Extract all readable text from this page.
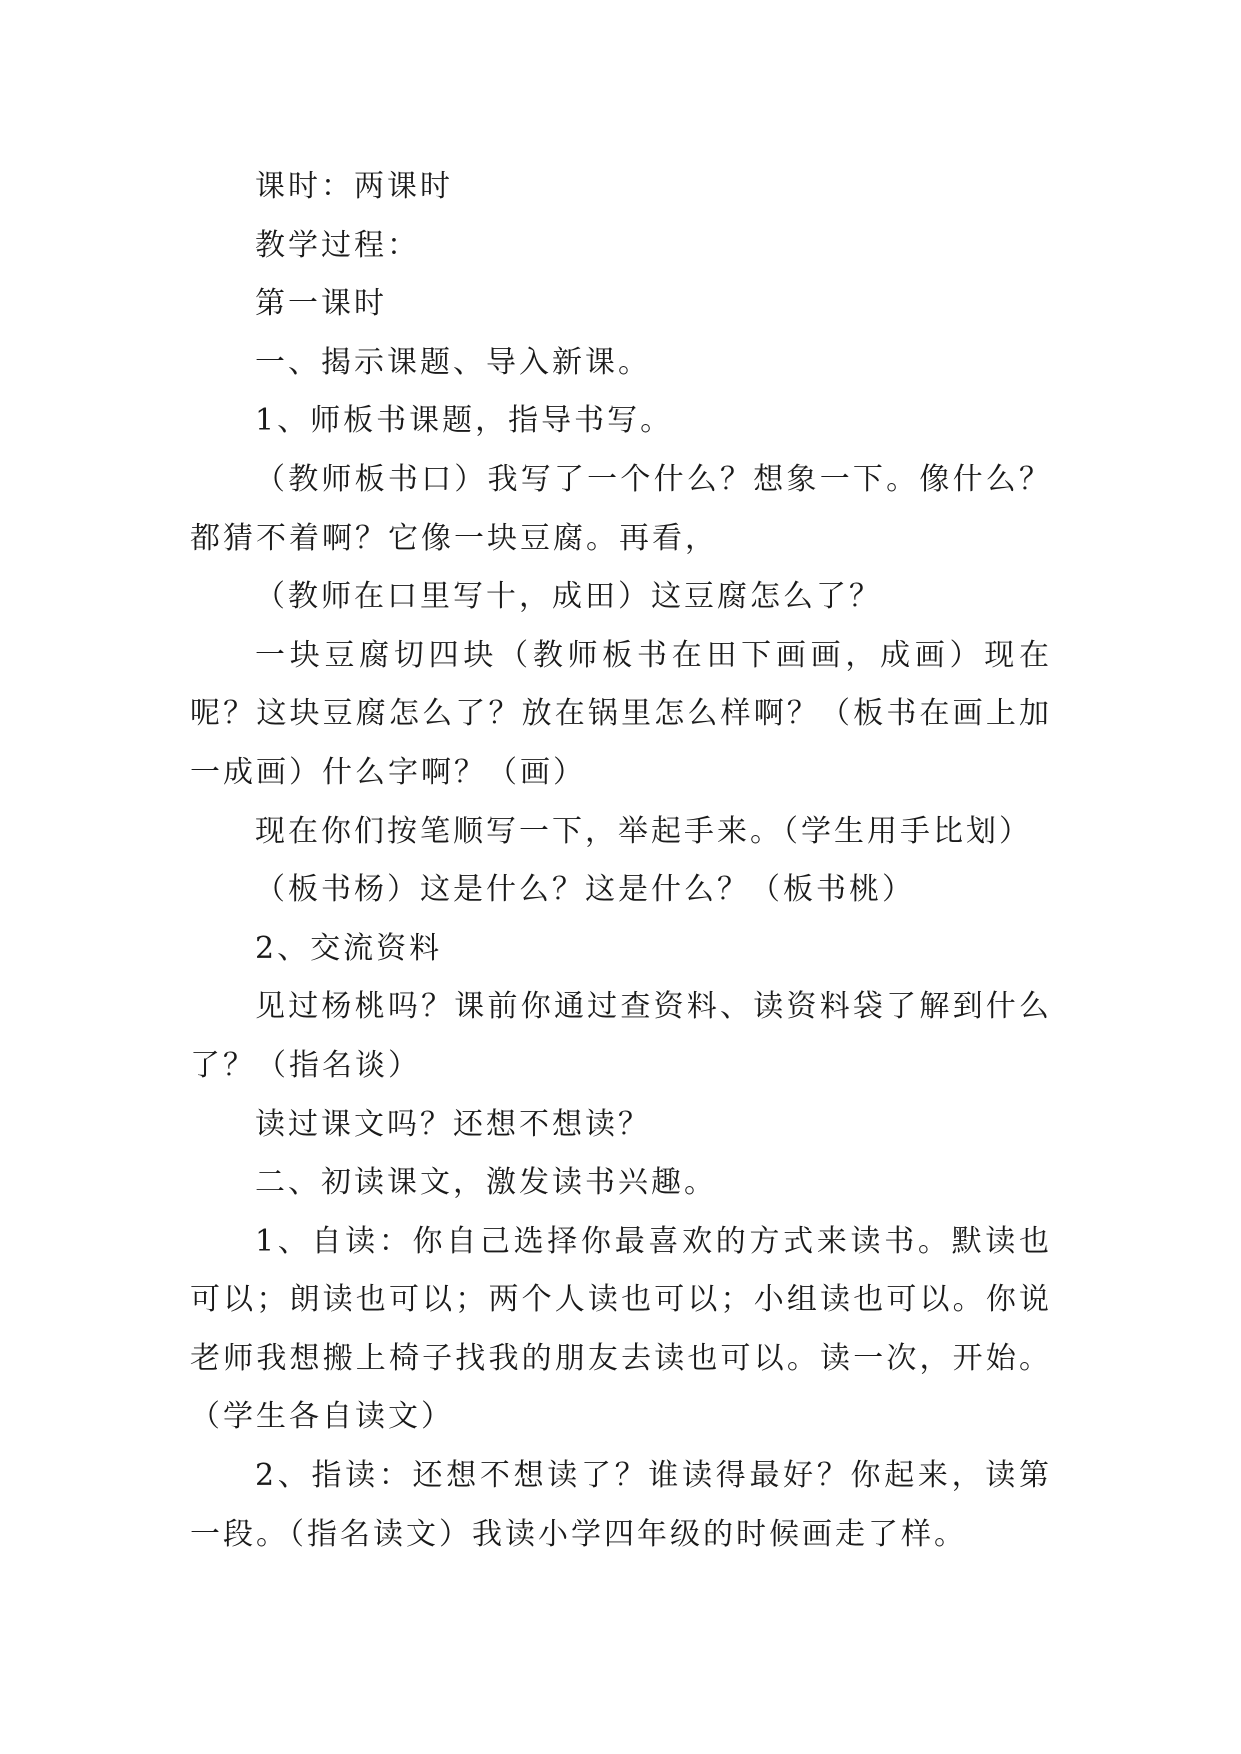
课时：两课时

教学过程：

第一课时

一、揭示课题、导入新课。

1、师板书课题，指导书写。

（教师板书口）我写了一个什么？想象一下。像什么？都猜不着啊？它像一块豆腐。再看，

（教师在口里写十，成田）这豆腐怎么了？

一块豆腐切四块（教师板书在田下画画，成画）现在呢？这块豆腐怎么了？放在锅里怎么样啊？（板书在画上加一成画）什么字啊？（画）

现在你们按笔顺写一下，举起手来。（学生用手比划）

（板书杨）这是什么？这是什么？（板书桃）

2、交流资料

见过杨桃吗？课前你通过查资料、读资料袋了解到什么了？（指名谈）

读过课文吗？还想不想读？

二、初读课文，激发读书兴趣。

1、自读：你自己选择你最喜欢的方式来读书。默读也可以；朗读也可以；两个人读也可以；小组读也可以。你说老师我想搬上椅子找我的朋友去读也可以。读一次，开始。（学生各自读文）

2、指读：还想不想读了？谁读得最好？你起来，读第一段。（指名读文）我读小学四年级的时候画走了样。
